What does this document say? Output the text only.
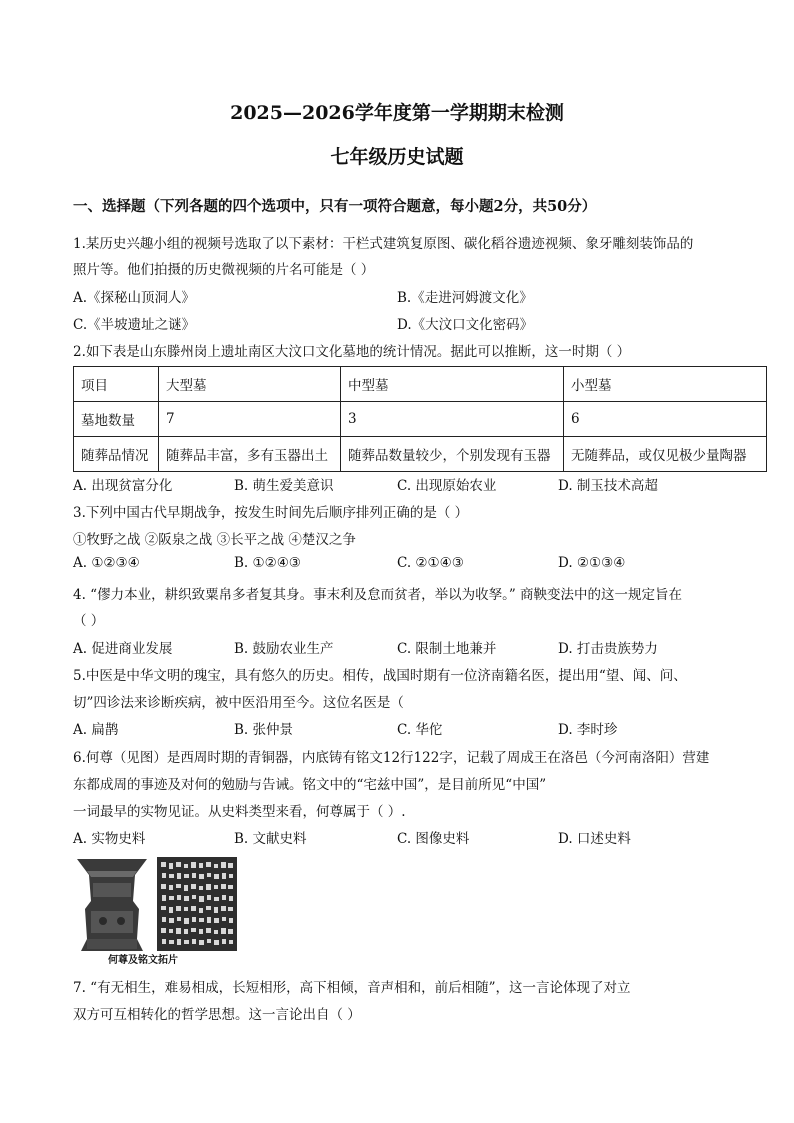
2025—2026学年度第一学期期末检测
七年级历史试题
一、选择题（下列各题的四个选项中，只有一项符合题意，每小题2分，共50分）
1.某历史兴趣小组的视频号选取了以下素材：干栏式建筑复原图、碳化稻谷遗迹视频、象牙雕刻装饰品的
照片等。他们拍摄的历史微视频的片名可能是（ ）
A.《探秘山顶洞人》	B.《走进河姆渡文化》
C.《半坡遗址之谜》	D.《大汶口文化密码》
2.如下表是山东滕州岗上遗址南区大汶口文化墓地的统计情况。据此可以推断，这一时期（ ）
项目	大型墓	中型墓	小型墓
墓地数量	7	3	6
随葬品情况	随葬品丰富，多有玉器出土	随葬品数量较少，个别发现有玉器	无随葬品，或仅见极少量陶器
A. 出现贫富分化	B. 萌生爱美意识	C. 出现原始农业	D. 制玉技术高超
3.下列中国古代早期战争，按发生时间先后顺序排列正确的是（ ）
①牧野之战 ②阪泉之战 ③长平之战 ④楚汉之争
A. ①②③④	B. ①②④③	C. ②①④③	D. ②①③④
4. “僇力本业，耕织致粟帛多者复其身。事末利及怠而贫者，举以为收孥。” 商鞅变法中的这一规定旨在
（ ）
A. 促进商业发展	B. 鼓励农业生产	C. 限制土地兼并	D. 打击贵族势力
5.中医是中华文明的瑰宝，具有悠久的历史。相传，战国时期有一位济南籍名医，提出用“望、闻、问、
切”四诊法来诊断疾病，被中医沿用至今。这位名医是（
A. 扁鹊	B. 张仲景	C. 华佗	D. 李时珍
6.何尊（见图）是西周时期的青铜器，内底铸有铭文12行122字，记载了周成王在洛邑（今河南洛阳）营建
东都成周的事迹及对何的勉励与告诫。铭文中的“宅兹中国”，是目前所见“中国”
一词最早的实物见证。从史料类型来看，何尊属于（ ）.
A. 实物史料	B. 文献史料	C. 图像史料	D. 口述史料
何尊及铭文拓片
7. “有无相生，难易相成，长短相形，高下相倾，音声相和，前后相随”，这一言论体现了对立
双方可互相转化的哲学思想。这一言论出自（ ）
